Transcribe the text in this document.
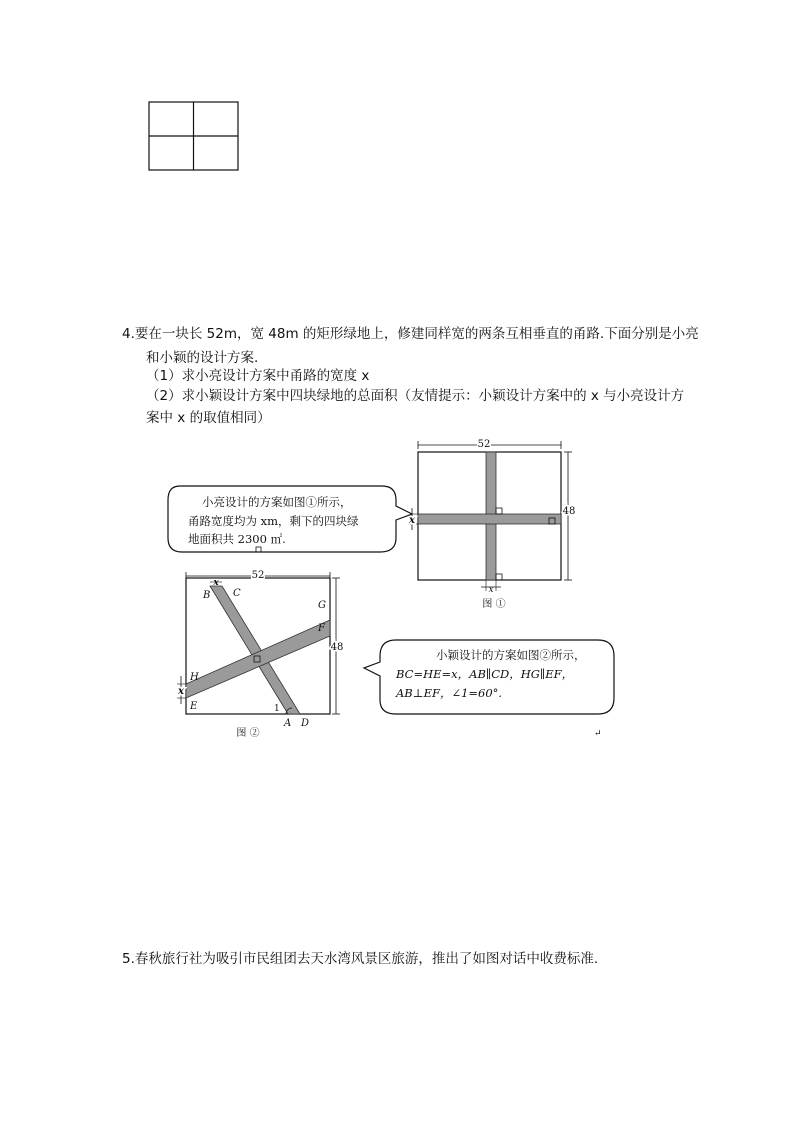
4.要在一块长 52m，宽 48m 的矩形绿地上，修建同样宽的两条互相垂直的甬路.下面分别是小亮
和小颖的设计方案.
（1）求小亮设计方案中甬路的宽度 x
（2）求小颖设计方案中四块绿地的总面积（友情提示：小颖设计方案中的 x 与小亮设计方
案中 x 的取值相同）
52
48
x
x
图 ①
小亮设计的方案如图①所示，
甬路宽度均为 xm，剩下的四块绿
地面积共 2300 ㎡.
52
x
48
x
B C
G
F
H
E	1
A D
图 ②
小颖设计的方案如图②所示，
BC=HE=x，AB∥CD，HG∥EF，
AB⊥EF，∠1=60°.
↵
5.春秋旅行社为吸引市民组团去天水湾风景区旅游，推出了如图对话中收费标准.
